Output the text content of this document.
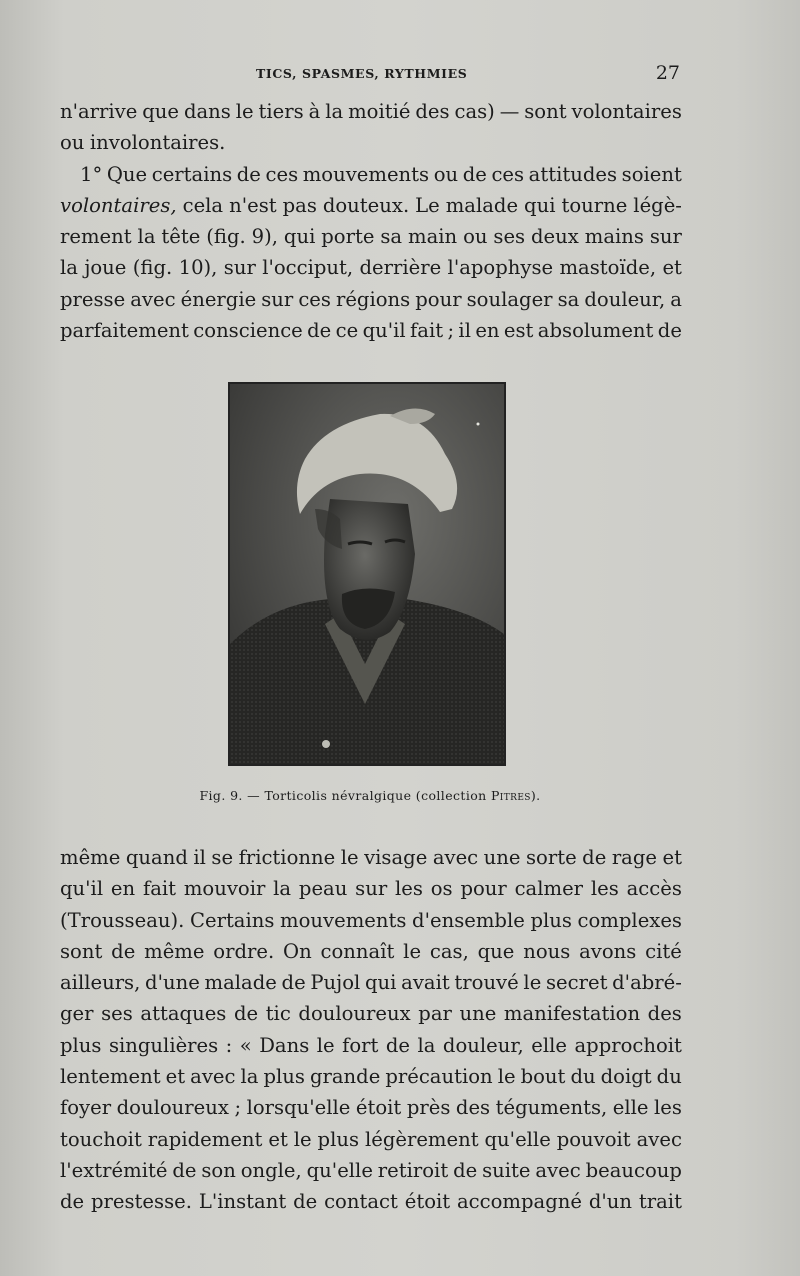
TICS, SPASMES, RYTHMIES	27
n'arrive que dans le tiers à la moitié des cas) — sont volontaires
ou involontaires.
1° Que certains de ces mouvements ou de ces attitudes soient
volontaires, cela n'est pas douteux. Le malade qui tourne légè-
rement la tête (fig. 9), qui porte sa main ou ses deux mains sur
la joue (fig. 10), sur l'occiput, derrière l'apophyse mastoïde, et
presse avec énergie sur ces régions pour soulager sa douleur, a
parfaitement conscience de ce qu'il fait ; il en est absolument de
Fig. 9. — Torticolis névralgique (collection Pitres).
même quand il se frictionne le visage avec une sorte de rage et
qu'il en fait mouvoir la peau sur les os pour calmer les accès
(Trousseau). Certains mouvements d'ensemble plus complexes
sont de même ordre. On connaît le cas, que nous avons cité
ailleurs, d'une malade de Pujol qui avait trouvé le secret d'abré-
ger ses attaques de tic douloureux par une manifestation des
plus singulières : « Dans le fort de la douleur, elle approchoit
lentement et avec la plus grande précaution le bout du doigt du
foyer douloureux ; lorsqu'elle étoit près des téguments, elle les
touchoit rapidement et le plus légèrement qu'elle pouvoit avec
l'extrémité de son ongle, qu'elle retiroit de suite avec beaucoup
de prestesse. L'instant de contact étoit accompagné d'un trait
